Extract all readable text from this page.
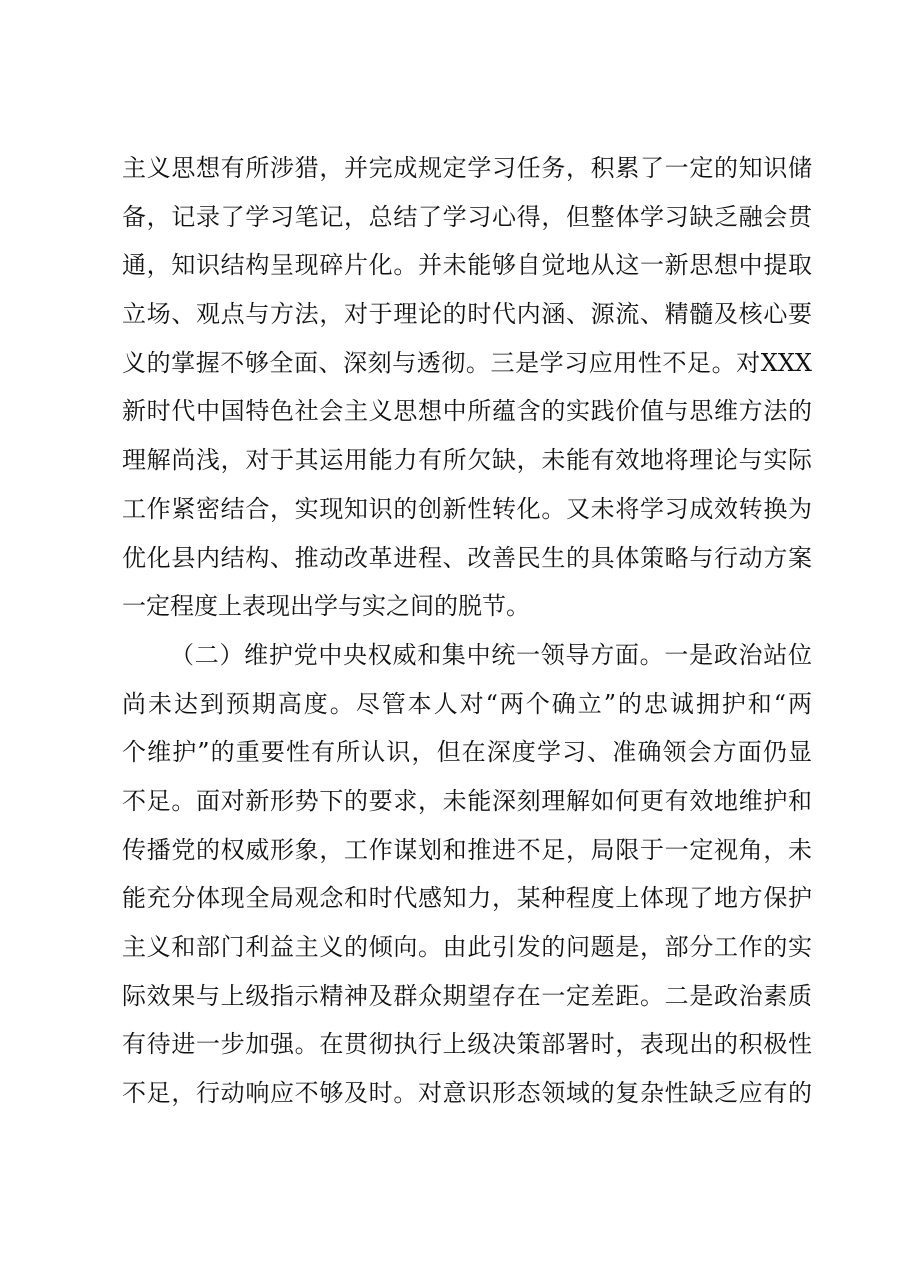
主义思想有所涉猎，并完成规定学习任务，积累了一定的知识储
备，记录了学习笔记，总结了学习心得，但整体学习缺乏融会贯
通，知识结构呈现碎片化。并未能够自觉地从这一新思想中提取
立场、观点与方法，对于理论的时代内涵、源流、精髓及核心要
义的掌握不够全面、深刻与透彻。三是学习应用性不足。对XXX
新时代中国特色社会主义思想中所蕴含的实践价值与思维方法的
理解尚浅，对于其运用能力有所欠缺，未能有效地将理论与实际
工作紧密结合，实现知识的创新性转化。又未将学习成效转换为
优化县内结构、推动改革进程、改善民生的具体策略与行动方案
一定程度上表现出学与实之间的脱节。
（二）维护党中央权威和集中统一领导方面。一是政治站位
尚未达到预期高度。尽管本人对“两个确立”的忠诚拥护和“两
个维护”的重要性有所认识，但在深度学习、准确领会方面仍显
不足。面对新形势下的要求，未能深刻理解如何更有效地维护和
传播党的权威形象，工作谋划和推进不足，局限于一定视角，未
能充分体现全局观念和时代感知力，某种程度上体现了地方保护
主义和部门利益主义的倾向。由此引发的问题是，部分工作的实
际效果与上级指示精神及群众期望存在一定差距。二是政治素质
有待进一步加强。在贯彻执行上级决策部署时，表现出的积极性
不足，行动响应不够及时。对意识形态领域的复杂性缺乏应有的
